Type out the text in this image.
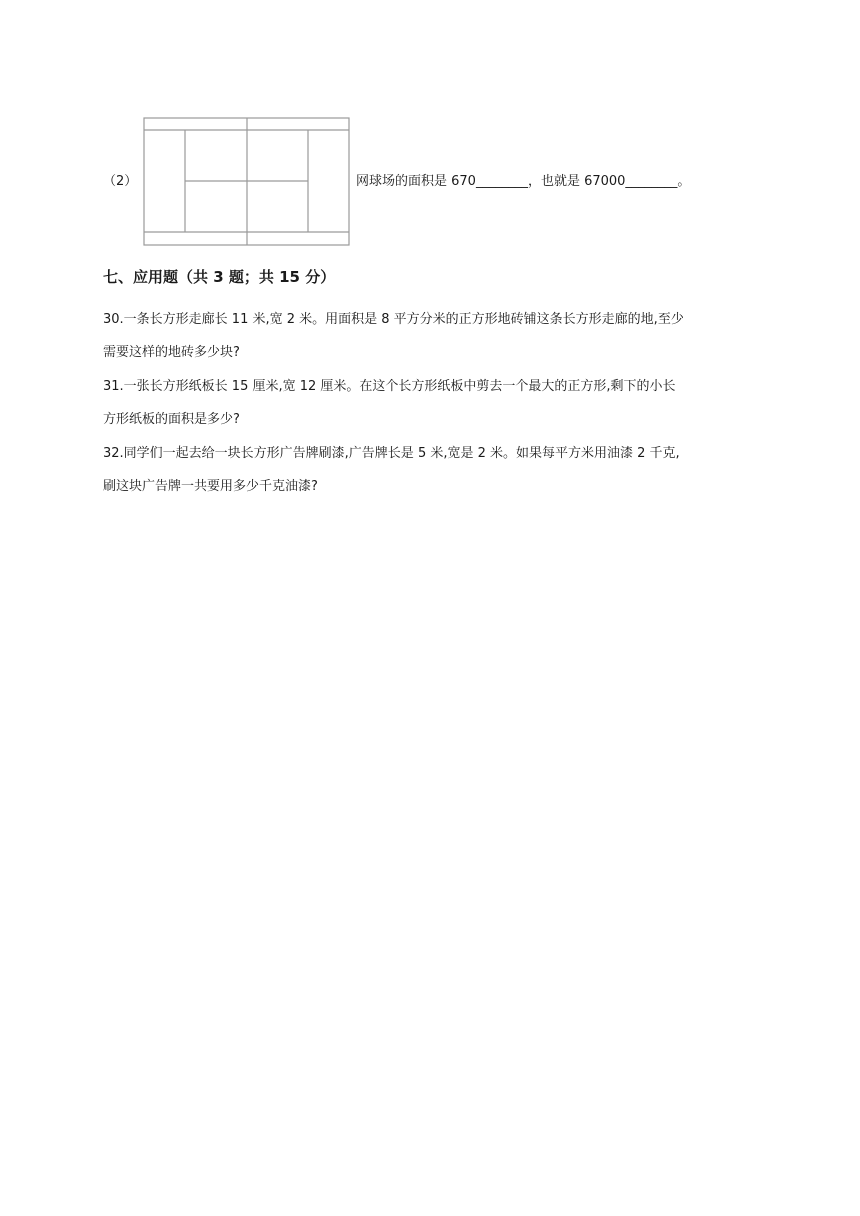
（2）	网球场的面积是 670________，也就是 67000________。
七、应用题（共 3 题；共 15 分）
30.一条长方形走廊长 11 米,宽 2 米。用面积是 8 平方分米的正方形地砖铺这条长方形走廊的地,至少
需要这样的地砖多少块?
31.一张长方形纸板长 15 厘米,宽 12 厘米。在这个长方形纸板中剪去一个最大的正方形,剩下的小长
方形纸板的面积是多少?
32.同学们一起去给一块长方形广告牌刷漆,广告牌长是 5 米,宽是 2 米。如果每平方米用油漆 2 千克,
刷这块广告牌一共要用多少千克油漆?
